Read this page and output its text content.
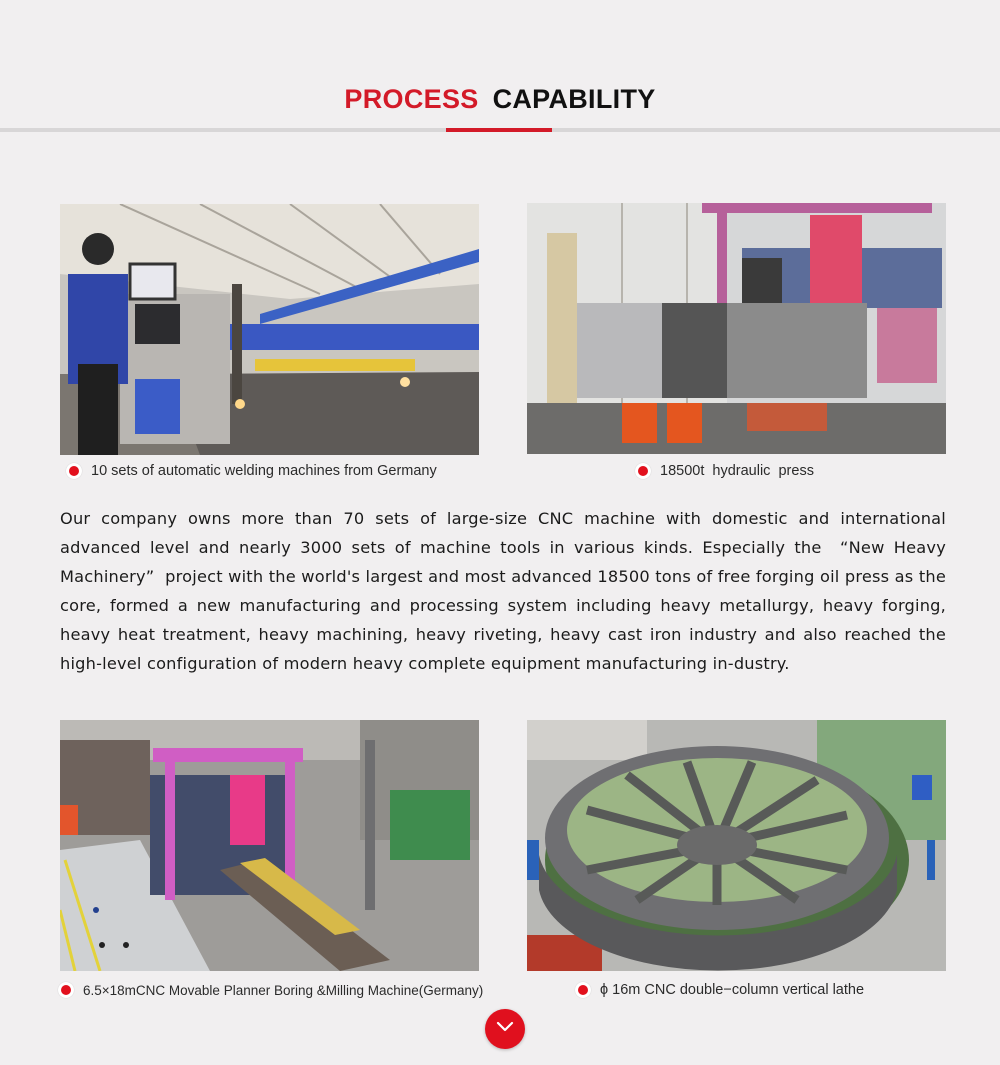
PROCESS CAPABILITY
10 sets of automatic welding machines from Germany	18500t  hydraulic  press
Our company owns more than 70 sets of large-size CNC machine with domestic and international advanced level and nearly 3000 sets of machine tools in various kinds. Especially the  “New Heavy Machinery”  project with the world's largest and most advanced 18500 tons of free forging oil press as the core, formed a new manufacturing and processing system including heavy metallurgy, heavy forging, heavy heat treatment, heavy machining, heavy riveting, heavy cast iron industry and also reached the high-level configuration of modern heavy complete equipment manufacturing in-dustry.
6.5×18mCNC Movable Planner Boring &Milling Machine(Germany)	ϕ 16m CNC double−column vertical lathe
